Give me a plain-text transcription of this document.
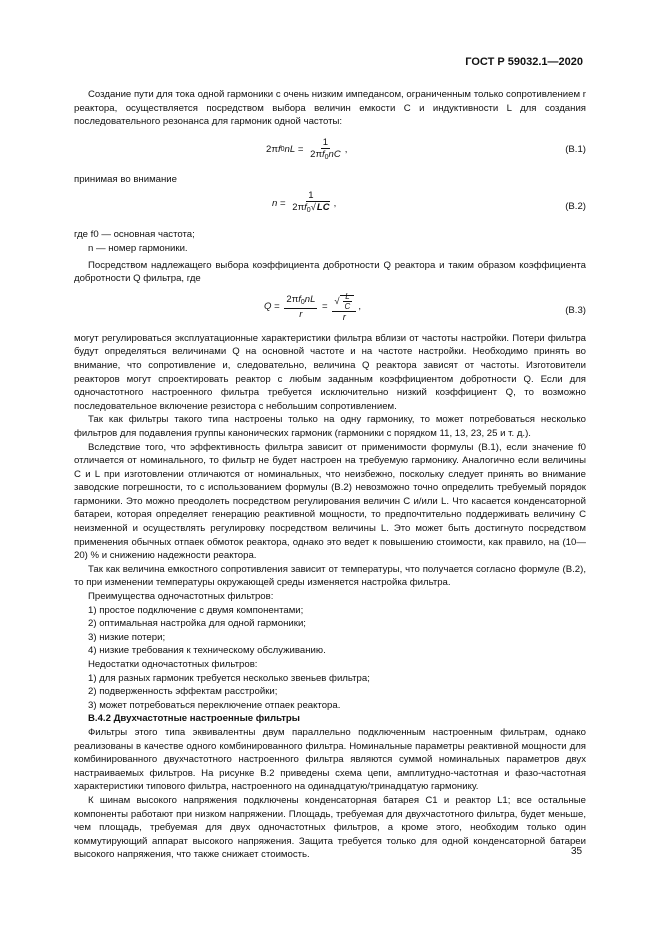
ГОСТ Р 59032.1—2020

Создание пути для тока одной гармоники с очень низким импедансом, ограниченным только сопротивлением r реактора, осуществляется посредством выбора величин емкости C и индуктивности L для создания последовательного резонанса для гармоник одной частоты:

2π f 0 nL = $\frac{1}{2\pi f_0nC}$ ,	(В.1)

принимая во внимание

$n = \frac{1}{2\pi f_0√LC}$ ,	(В.2)

где f0 — основная частота;

n — номер гармоники.

Посредством надлежащего выбора коэффициента добротности Q реактора и таким образом коэффициента добротности Q фильтра, где

$Q = \frac{2\pi f_0nL}{r} = \frac{√ \frac{L}{C}}{r}$ ,	(В.3)

могут регулироваться эксплуатационные характеристики фильтра вблизи от частоты настройки. Потери фильтра будут определяться величинами Q на основной частоте и на частоте настройки. Необходимо принять во внимание, что сопротивление и, следовательно, величина Q реактора зависят от частоты. Изготовители реакторов могут спроектировать реактор с любым заданным коэффициентом добротности Q. Если для одночастотного настроенного фильтра требуется исключительно низкий коэффициент Q, то возможно последовательное включение резистора с небольшим сопротивлением.

Так как фильтры такого типа настроены только на одну гармонику, то может потребоваться несколько фильтров для подавления группы канонических гармоник (гармоники с порядком 11, 13, 23, 25 и т. д.).

Вследствие того, что эффективность фильтра зависит от применимости формулы (В.1), если значение f0 отличается от номинального, то фильтр не будет настроен на требуемую гармонику. Аналогично если величины C и L при изготовлении отличаются от номинальных, что неизбежно, поскольку следует принять во внимание заводские погрешности, то с использованием формулы (В.2) невозможно точно определить требуемый порядок гармоники. Это можно преодолеть посредством регулирования величин C и/или L. Что касается конденсаторной батареи, которая определяет генерацию реактивной мощности, то предпочтительно поддерживать величину C неизменной и осуществлять регулировку посредством величины L. Это может быть достигнуто посредством применения обычных отпаек обмоток реактора, однако это ведет к повышению стоимости, как правило, на (10—20) % и снижению надежности реактора.

Так как величина емкостного сопротивления зависит от температуры, что получается согласно формуле (В.2), то при изменении температуры окружающей среды изменяется настройка фильтра.

Преимущества одночастотных фильтров:

1) простое подключение с двумя компонентами;

2) оптимальная настройка для одной гармоники;

3) низкие потери;

4) низкие требования к техническому обслуживанию.

Недостатки одночастотных фильтров:

1) для разных гармоник требуется несколько звеньев фильтра;

2) подверженность эффектам расстройки;

3) может потребоваться переключение отпаек реактора.

В.4.2 Двухчастотные настроенные фильтры

Фильтры этого типа эквивалентны двум параллельно подключенным настроенным фильтрам, однако реализованы в качестве одного комбинированного фильтра. Номинальные параметры реактивной мощности для комбинированного двухчастотного настроенного фильтра являются суммой номинальных параметров двух настраиваемых фильтров. На рисунке В.2 приведены схема цепи, амплитудно-частотная и фазо-частотная характеристики типового фильтра, настроенного на одинадцатую/тринадцатую гармонику.

К шинам высокого напряжения подключены конденсаторная батарея C1 и реактор L1; все остальные компоненты работают при низком напряжении. Площадь, требуемая для двухчастотного фильтра, будет меньше, чем площадь, требуемая для двух одночастотных фильтров, а кроме этого, необходим только один коммутирующий аппарат высокого напряжения. Защита требуется только для одной конденсаторной батареи высокого напряжения, что также снижает стоимость.	35
